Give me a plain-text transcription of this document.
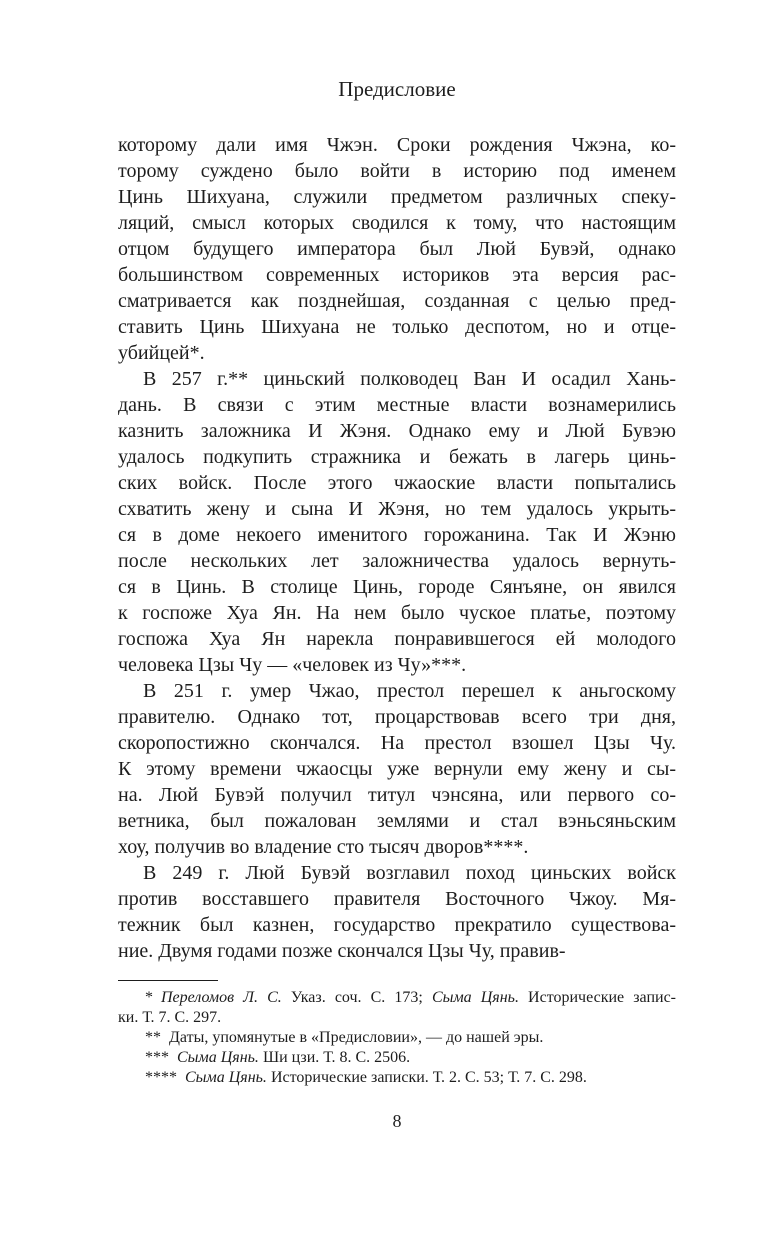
Предисловие
которому дали имя Чжэн. Сроки рождения Чжэна, ко-
торому суждено было войти в историю под именем
Цинь Шихуана, служили предметом различных спеку-
ляций, смысл которых сводился к тому, что настоящим
отцом будущего императора был Люй Бувэй, однако
большинством современных историков эта версия рас-
сматривается как позднейшая, созданная с целью пред-
ставить Цинь Шихуана не только деспотом, но и отце-
убийцей*.
В 257 г.** циньский полководец Ван И осадил Хань-
дань. В связи с этим местные власти вознамерились
казнить заложника И Жэня. Однако ему и Люй Бувэю
удалось подкупить стражника и бежать в лагерь цинь-
ских войск. После этого чжаоские власти попытались
схватить жену и сына И Жэня, но тем удалось укрыть-
ся в доме некоего именитого горожанина. Так И Жэню
после нескольких лет заложничества удалось вернуть-
ся в Цинь. В столице Цинь, городе Сянъяне, он явился
к госпоже Хуа Ян. На нем было чуское платье, поэтому
госпожа Хуа Ян нарекла понравившегося ей молодого
человека Цзы Чу — «человек из Чу»***.
В 251 г. умер Чжао, престол перешел к аньгоскому
правителю. Однако тот, процарствовав всего три дня,
скоропостижно скончался. На престол взошел Цзы Чу.
К этому времени чжаосцы уже вернули ему жену и сы-
на. Люй Бувэй получил титул чэнсяна, или первого со-
ветника, был пожалован землями и стал вэньсяньским
хоу, получив во владение сто тысяч дворов****.
В 249 г. Люй Бувэй возглавил поход циньских войск
против восставшего правителя Восточного Чжоу. Мя-
тежник был казнен, государство прекратило существова-
ние. Двумя годами позже скончался Цзы Чу, правив-
* Переломов Л. С. Указ. соч. С. 173; Сыма Цянь. Исторические запис-
ки. Т. 7. С. 297.
** Даты, упомянутые в «Предисловии», — до нашей эры.
*** Сыма Цянь. Ши цзи. Т. 8. С. 2506.
**** Сыма Цянь. Исторические записки. Т. 2. С. 53; Т. 7. С. 298.
8
